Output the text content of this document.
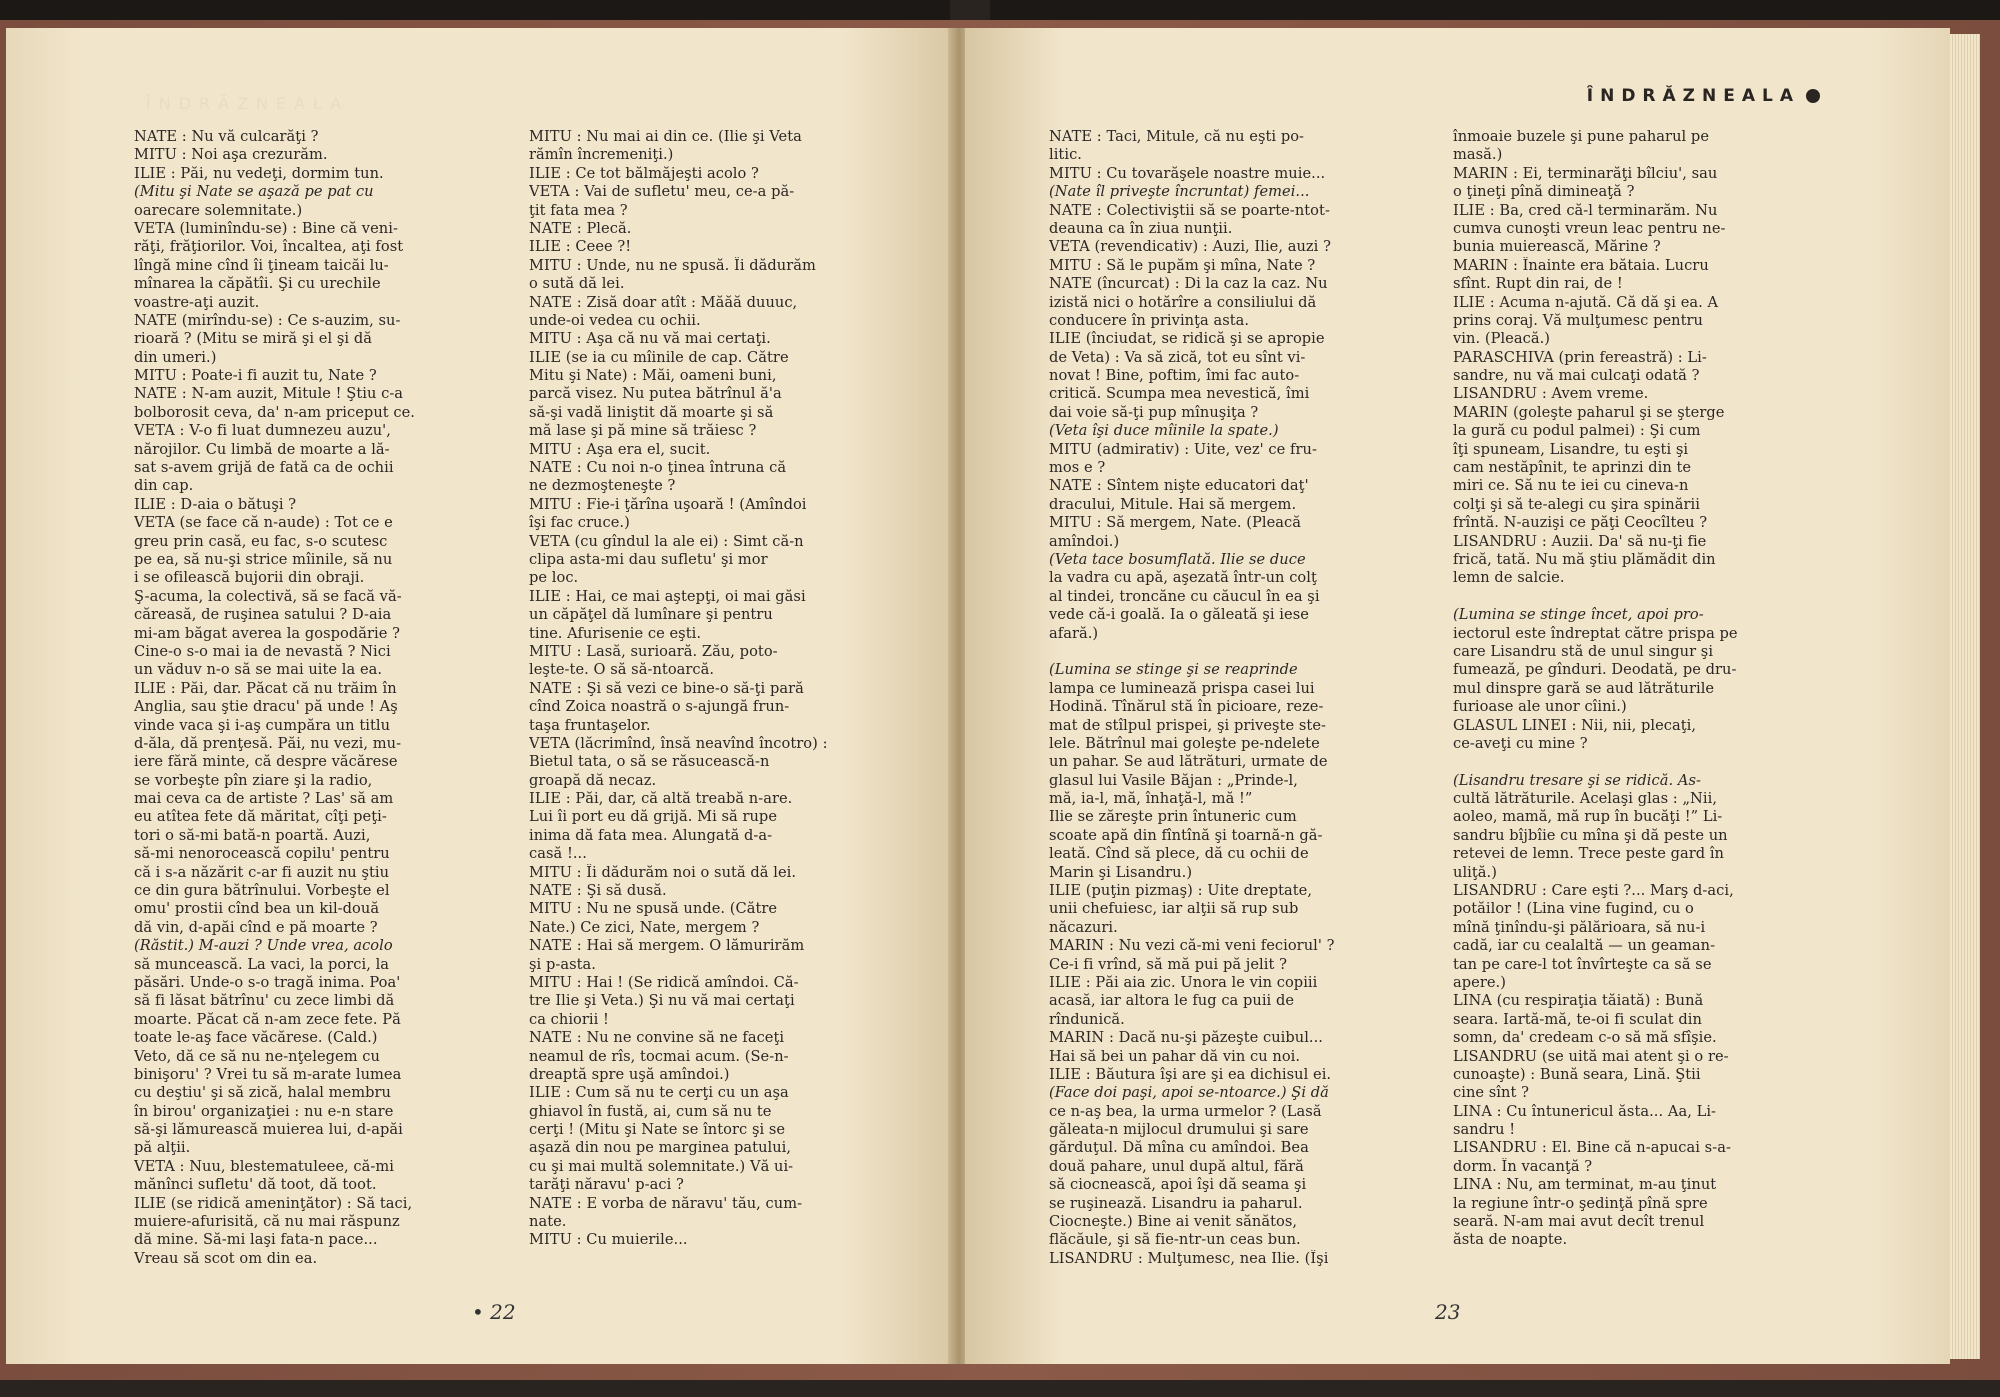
ÎNDRĂZNEALA
NATE : Nu vă culcarăţi ?
MITU : Noi aşa crezurăm.
ILIE : Păi, nu vedeţi, dormim tun.
(Mitu şi Nate se aşază pe pat cu
oarecare solemnitate.)
VETA (luminîndu-se) : Bine că veni-
răţi, frăţiorilor. Voi, încaltea, aţi fost
lîngă mine cînd îi ţineam taicăi lu-
mînarea la căpătîi. Şi cu urechile
voastre-aţi auzit.
NATE (mirîndu-se) : Ce s-auzim, su-
rioară ? (Mitu se miră şi el şi dă
din umeri.)
MITU : Poate-i fi auzit tu, Nate ?
NATE : N-am auzit, Mitule ! Ştiu c-a
bolborosit ceva, da' n-am priceput ce.
VETA : V-o fi luat dumnezeu auzu',
nărojilor. Cu limbă de moarte a lă-
sat s-avem grijă de fată ca de ochii
din cap.
ILIE : D-aia o bătuşi ?
VETA (se face că n-aude) : Tot ce e
greu prin casă, eu fac, s-o scutesc
pe ea, să nu-şi strice mîinile, să nu
i se ofilească bujorii din obraji.
Ş-acuma, la colectivă, să se facă vă-
căreasă, de ruşinea satului ? D-aia
mi-am băgat averea la gospodărie ?
Cine-o s-o mai ia de nevastă ? Nici
un văduv n-o să se mai uite la ea.
ILIE : Păi, dar. Păcat că nu trăim în
Anglia, sau ştie dracu' pă unde ! Aş
vinde vaca şi i-aş cumpăra un titlu
d-ăla, dă prenţesă. Păi, nu vezi, mu-
iere fără minte, că despre văcărese
se vorbeşte pîn ziare şi la radio,
mai ceva ca de artiste ? Las' să am
eu atîtea fete dă măritat, cîţi peţi-
tori o să-mi bată-n poartă. Auzi,
să-mi nenorocească copilu' pentru
că i s-a năzărit c-ar fi auzit nu ştiu
ce din gura bătrînului. Vorbeşte el
omu' prostii cînd bea un kil-două
dă vin, d-apăi cînd e pă moarte ?
(Răstit.) M-auzi ? Unde vrea, acolo
să muncească. La vaci, la porci, la
păsări. Unde-o s-o tragă inima. Poa'
să fi lăsat bătrînu' cu zece limbi dă
moarte. Păcat că n-am zece fete. Pă
toate le-aş face văcărese. (Cald.)
Veto, dă ce să nu ne-nţelegem cu
binişoru' ? Vrei tu să m-arate lumea
cu deştiu' şi să zică, halal membru
în birou' organizaţiei : nu e-n stare
să-şi lămurească muierea lui, d-apăi
pă alţii.
VETA : Nuu, blestematuleee, că-mi
mănînci sufletu' dă toot, dă toot.
ILIE (se ridică ameninţător) : Să taci,
muiere-afurisită, că nu mai răspunz
dă mine. Să-mi laşi fata-n pace...
Vreau să scot om din ea.
MITU : Nu mai ai din ce. (Ilie şi Veta
rămîn încremeniţi.)
ILIE : Ce tot bălmăjeşti acolo ?
VETA : Vai de sufletu' meu, ce-a pă-
ţit fata mea ?
NATE : Plecă.
ILIE : Ceee ?!
MITU : Unde, nu ne spusă. Îi dădurăm
o sută dă lei.
NATE : Zisă doar atît : Măăă duuuc,
unde-oi vedea cu ochii.
MITU : Aşa că nu vă mai certaţi.
ILIE (se ia cu mîinile de cap. Către
Mitu şi Nate) : Măi, oameni buni,
parcă visez. Nu putea bătrînul ă'a
să-şi vadă liniştit dă moarte şi să
mă lase şi pă mine să trăiesc ?
MITU : Aşa era el, sucit.
NATE : Cu noi n-o ţinea întruna că
ne dezmoşteneşte ?
MITU : Fie-i ţărîna uşoară ! (Amîndoi
îşi fac cruce.)
VETA (cu gîndul la ale ei) : Simt că-n
clipa asta-mi dau sufletu' şi mor
pe loc.
ILIE : Hai, ce mai aştepţi, oi mai găsi
un căpăţel dă lumînare şi pentru
tine. Afurisenie ce eşti.
MITU : Lasă, surioară. Zău, poto-
leşte-te. O să să-ntoarcă.
NATE : Şi să vezi ce bine-o să-ţi pară
cînd Zoica noastră o s-ajungă frun-
taşa fruntaşelor.
VETA (lăcrimînd, însă neavînd încotro) :
Bietul tata, o să se răsucească-n
groapă dă necaz.
ILIE : Păi, dar, că altă treabă n-are.
Lui îi port eu dă grijă. Mi să rupe
inima dă fata mea. Alungată d-a-
casă !...
MITU : Îi dădurăm noi o sută dă lei.
NATE : Şi să dusă.
MITU : Nu ne spusă unde. (Către
Nate.) Ce zici, Nate, mergem ?
NATE : Hai să mergem. O lămurirăm
şi p-asta.
MITU : Hai ! (Se ridică amîndoi. Că-
tre Ilie şi Veta.) Şi nu vă mai certaţi
ca chiorii !
NATE : Nu ne convine să ne faceţi
neamul de rîs, tocmai acum. (Se-n-
dreaptă spre uşă amîndoi.)
ILIE : Cum să nu te cerţi cu un aşa
ghiavol în fustă, ai, cum să nu te
cerţi ! (Mitu şi Nate se întorc şi se
aşază din nou pe marginea patului,
cu şi mai multă solemnitate.) Vă ui-
tarăţi năravu' p-aci ?
NATE : E vorba de năravu' tău, cum-
nate.
MITU : Cu muierile...
• 22
ÎNDRĂZNEALA
NATE : Taci, Mitule, că nu eşti po-
litic.
MITU : Cu tovarăşele noastre muie...
(Nate îl priveşte încruntat) femei...
NATE : Colectiviştii să se poarte-ntot-
deauna ca în ziua nunţii.
VETA (revendicativ) : Auzi, Ilie, auzi ?
MITU : Să le pupăm şi mîna, Nate ?
NATE (încurcat) : Di la caz la caz. Nu
izistă nici o hotărîre a consiliului dă
conducere în privinţa asta.
ILIE (înciudat, se ridică şi se apropie
de Veta) : Va să zică, tot eu sînt vi-
novat ! Bine, poftim, îmi fac auto-
critică. Scumpa mea nevestică, îmi
dai voie să-ţi pup mînuşiţa ?
(Veta îşi duce mîinile la spate.)
MITU (admirativ) : Uite, vez' ce fru-
mos e ?
NATE : Sîntem nişte educatori daţ'
dracului, Mitule. Hai să mergem.
MITU : Să mergem, Nate. (Pleacă
amîndoi.)
(Veta tace bosumflată. Ilie se duce
la vadra cu apă, aşezată într-un colţ
al tindei, troncăne cu căucul în ea şi
vede că-i goală. Ia o găleată şi iese
afară.)

(Lumina se stinge şi se reaprinde
lampa ce luminează prispa casei lui
Hodină. Tînărul stă în picioare, reze-
mat de stîlpul prispei, şi priveşte ste-
lele. Bătrînul mai goleşte pe-ndelete
un pahar. Se aud lătrături, urmate de
glasul lui Vasile Băjan : „Prinde-l,
mă, ia-l, mă, înhaţă-l, mă !”
Ilie se zăreşte prin întuneric cum
scoate apă din fîntînă şi toarnă-n gă-
leată. Cînd să plece, dă cu ochii de
Marin şi Lisandru.)
ILIE (puţin pizmaş) : Uite dreptate,
unii chefuiesc, iar alţii să rup sub
năcazuri.
MARIN : Nu vezi că-mi veni feciorul' ?
Ce-i fi vrînd, să mă pui pă jelit ?
ILIE : Păi aia zic. Unora le vin copiii
acasă, iar altora le fug ca puii de
rîndunică.
MARIN : Dacă nu-şi păzeşte cuibul...
Hai să bei un pahar dă vin cu noi.
ILIE : Băutura îşi are şi ea dichisul ei.
(Face doi paşi, apoi se-ntoarce.) Şi dă
ce n-aş bea, la urma urmelor ? (Lasă
găleata-n mijlocul drumului şi sare
gărduţul. Dă mîna cu amîndoi. Bea
două pahare, unul după altul, fără
să ciocnească, apoi îşi dă seama şi
se ruşinează. Lisandru ia paharul.
Ciocneşte.) Bine ai venit sănătos,
flăcăule, şi să fie-ntr-un ceas bun.
LISANDRU : Mulţumesc, nea Ilie. (Îşi
înmoaie buzele şi pune paharul pe
masă.)
MARIN : Ei, terminarăţi bîlciu', sau
o ţineţi pînă dimineaţă ?
ILIE : Ba, cred că-l terminarăm. Nu
cumva cunoşti vreun leac pentru ne-
bunia muierească, Mărine ?
MARIN : Înainte era bătaia. Lucru
sfînt. Rupt din rai, de !
ILIE : Acuma n-ajută. Că dă şi ea. A
prins coraj. Vă mulţumesc pentru
vin. (Pleacă.)
PARASCHIVA (prin fereastră) : Li-
sandre, nu vă mai culcaţi odată ?
LISANDRU : Avem vreme.
MARIN (goleşte paharul şi se şterge
la gură cu podul palmei) : Şi cum
îţi spuneam, Lisandre, tu eşti şi
cam nestăpînit, te aprinzi din te
miri ce. Să nu te iei cu cineva-n
colţi şi să te-alegi cu şira spinării
frîntă. N-auzişi ce păţi Ceocîlteu ?
LISANDRU : Auzii. Da' să nu-ţi fie
frică, tată. Nu mă ştiu plămădit din
lemn de salcie.

(Lumina se stinge încet, apoi pro-
iectorul este îndreptat către prispa pe
care Lisandru stă de unul singur şi
fumează, pe gînduri. Deodată, pe dru-
mul dinspre gară se aud lătrăturile
furioase ale unor cîini.)
GLASUL LINEI : Nii, nii, plecaţi,
ce-aveţi cu mine ?

(Lisandru tresare şi se ridică. As-
cultă lătrăturile. Acelaşi glas : „Nii,
aoleo, mamă, mă rup în bucăţi !” Li-
sandru bîjbîie cu mîna şi dă peste un
retevei de lemn. Trece peste gard în
uliţă.)
LISANDRU : Care eşti ?... Marş d-aci,
potăilor ! (Lina vine fugind, cu o
mînă ţinîndu-şi pălărioara, să nu-i
cadă, iar cu cealaltă — un geaman-
tan pe care-l tot învîrteşte ca să se
apere.)
LINA (cu respiraţia tăiată) : Bună
seara. Iartă-mă, te-oi fi sculat din
somn, da' credeam c-o să mă sfîşie.
LISANDRU (se uită mai atent şi o re-
cunoaşte) : Bună seara, Lină. Ştii
cine sînt ?
LINA : Cu întunericul ăsta... Aa, Li-
sandru !
LISANDRU : El. Bine că n-apucai s-a-
dorm. În vacanţă ?
LINA : Nu, am terminat, m-au ţinut
la regiune într-o şedinţă pînă spre
seară. N-am mai avut decît trenul
ăsta de noapte.
23
